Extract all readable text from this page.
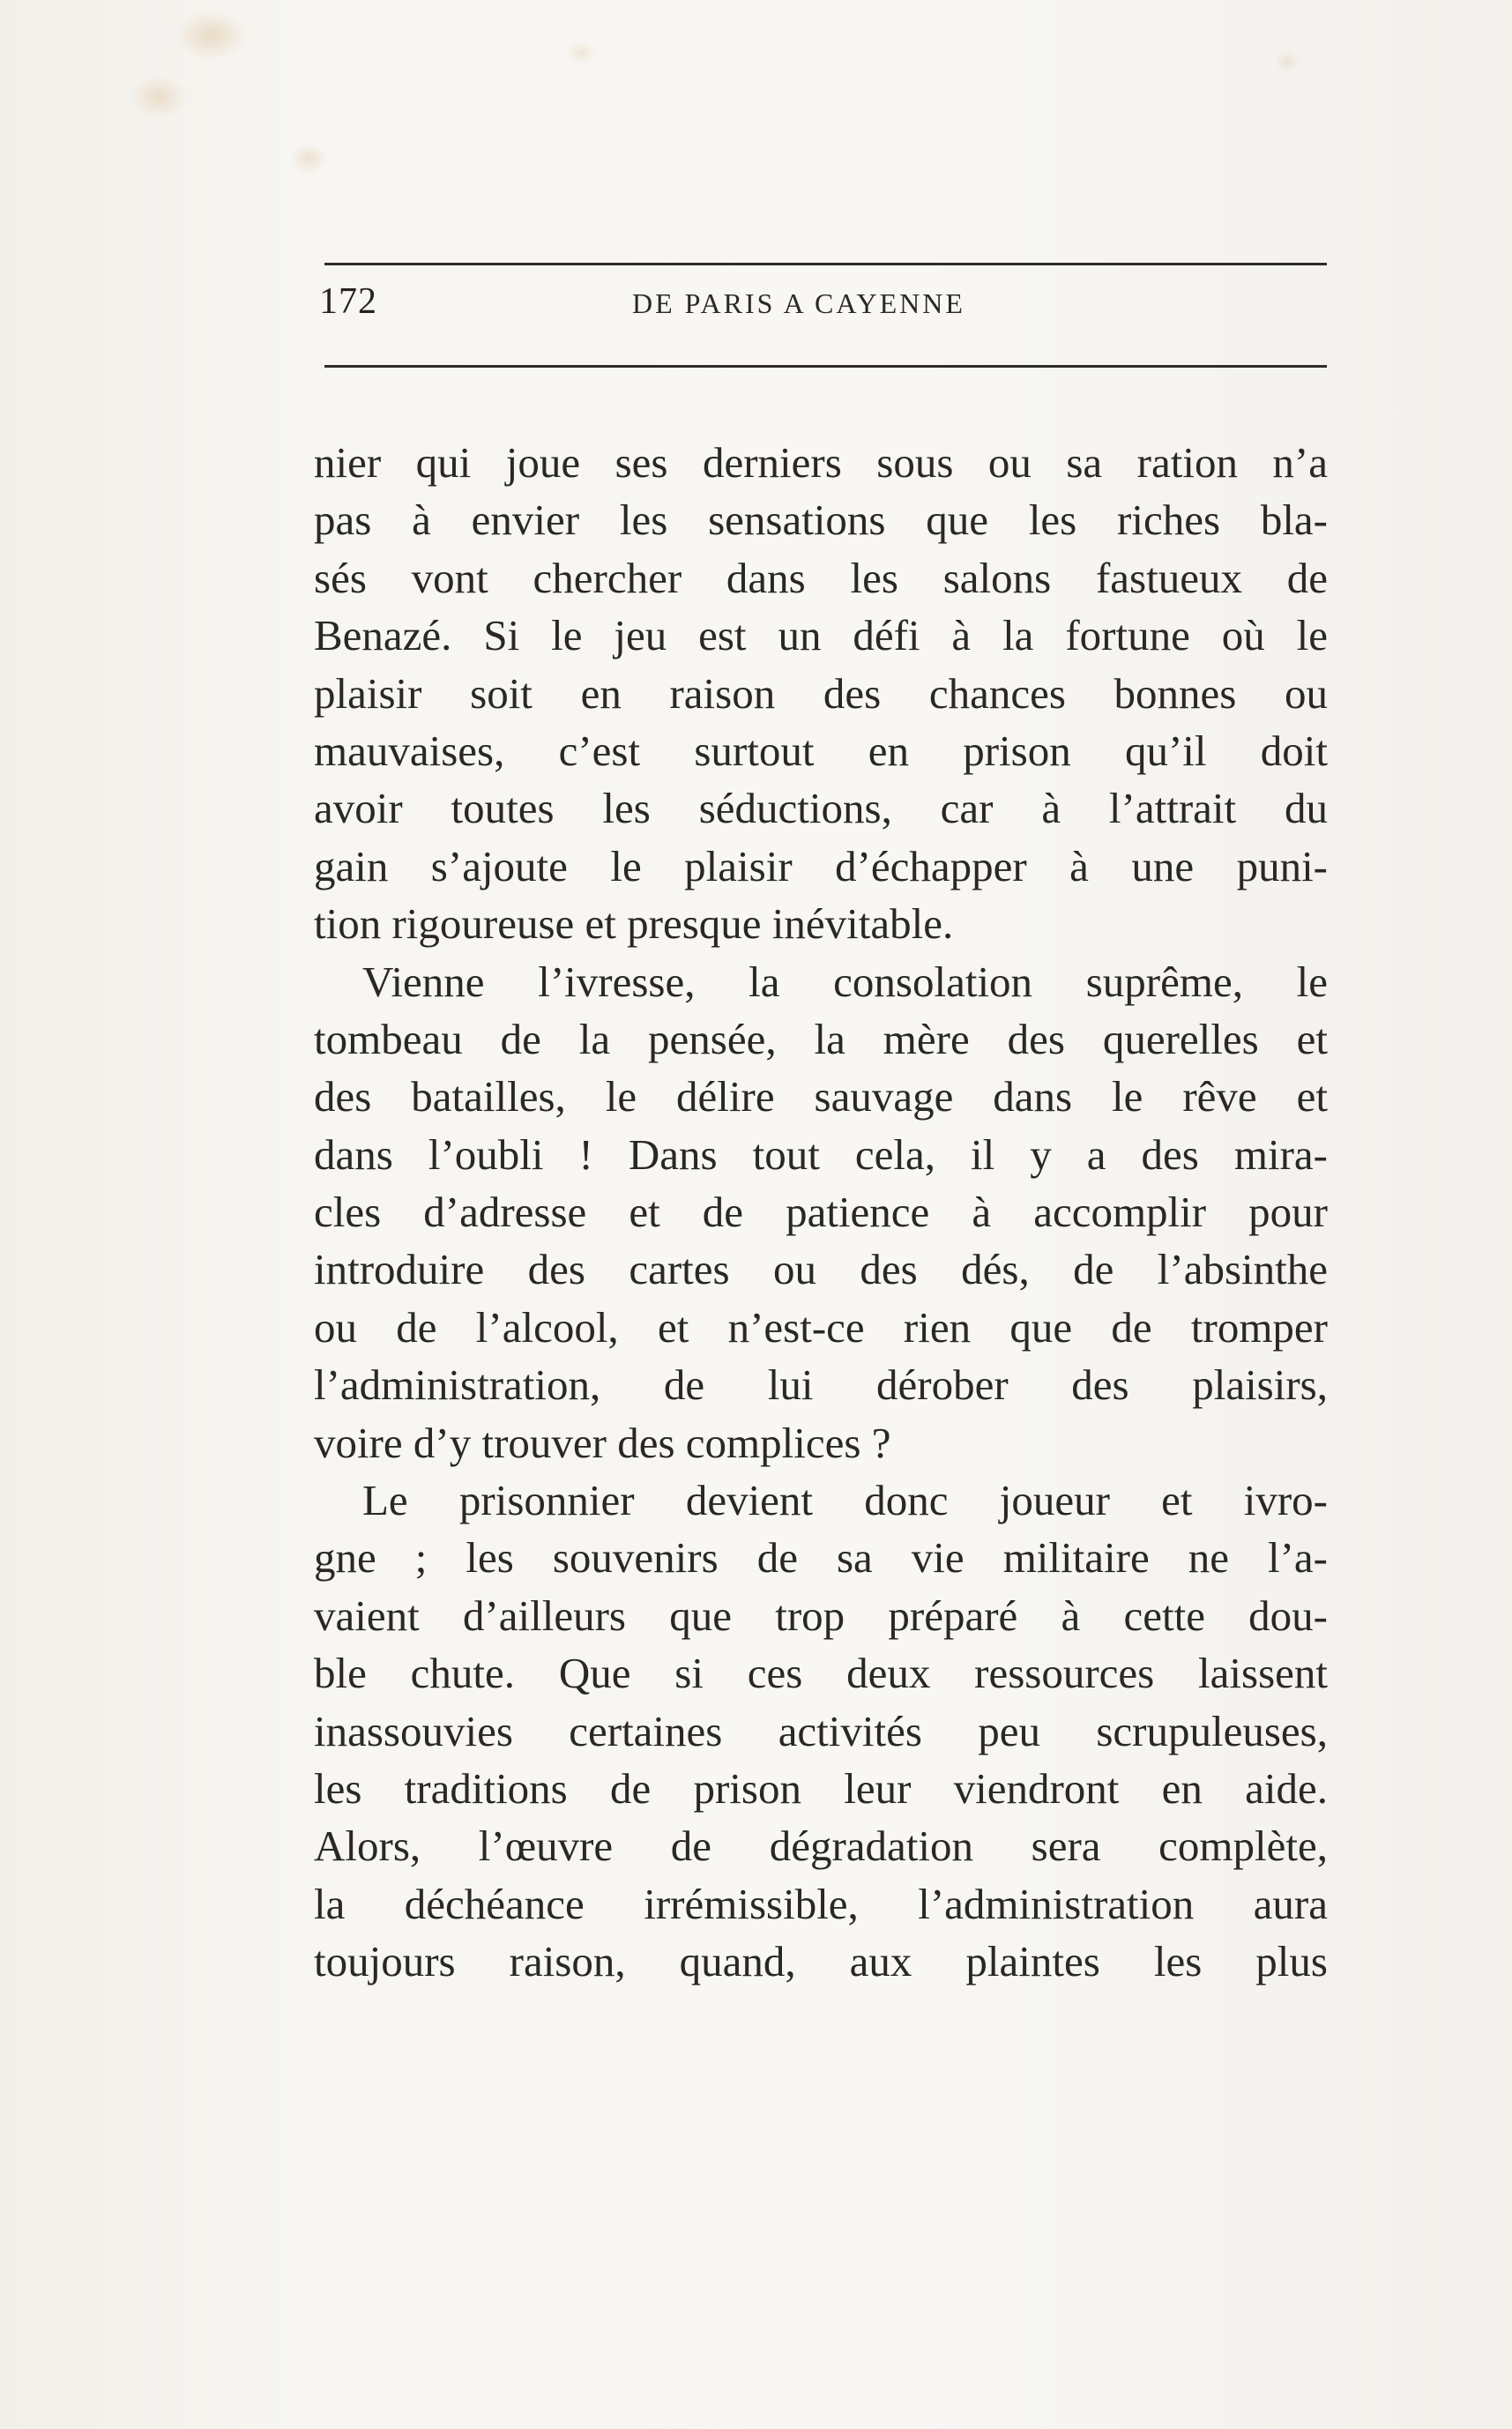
172	DE PARIS A CAYENNE
nier qui joue ses derniers sous ou sa ration n’a
pas à envier les sensations que les riches bla-
sés vont chercher dans les salons fastueux de
Benazé. Si le jeu est un défi à la fortune où le
plaisir soit en raison des chances bonnes ou
mauvaises, c’est surtout en prison qu’il doit
avoir toutes les séductions, car à l’attrait du
gain s’ajoute le plaisir d’échapper à une puni-
tion rigoureuse et presque inévitable.
Vienne l’ivresse, la consolation suprême, le
tombeau de la pensée, la mère des querelles et
des batailles, le délire sauvage dans le rêve et
dans l’oubli ! Dans tout cela, il y a des mira-
cles d’adresse et de patience à accomplir pour
introduire des cartes ou des dés, de l’absinthe
ou de l’alcool, et n’est-ce rien que de tromper
l’administration, de lui dérober des plaisirs,
voire d’y trouver des complices ?
Le prisonnier devient donc joueur et ivro-
gne ; les souvenirs de sa vie militaire ne l’a-
vaient d’ailleurs que trop préparé à cette dou-
ble chute. Que si ces deux ressources laissent
inassouvies certaines activités peu scrupuleuses,
les traditions de prison leur viendront en aide.
Alors, l’œuvre de dégradation sera complète,
la déchéance irrémissible, l’administration aura
toujours raison, quand, aux plaintes les plus
